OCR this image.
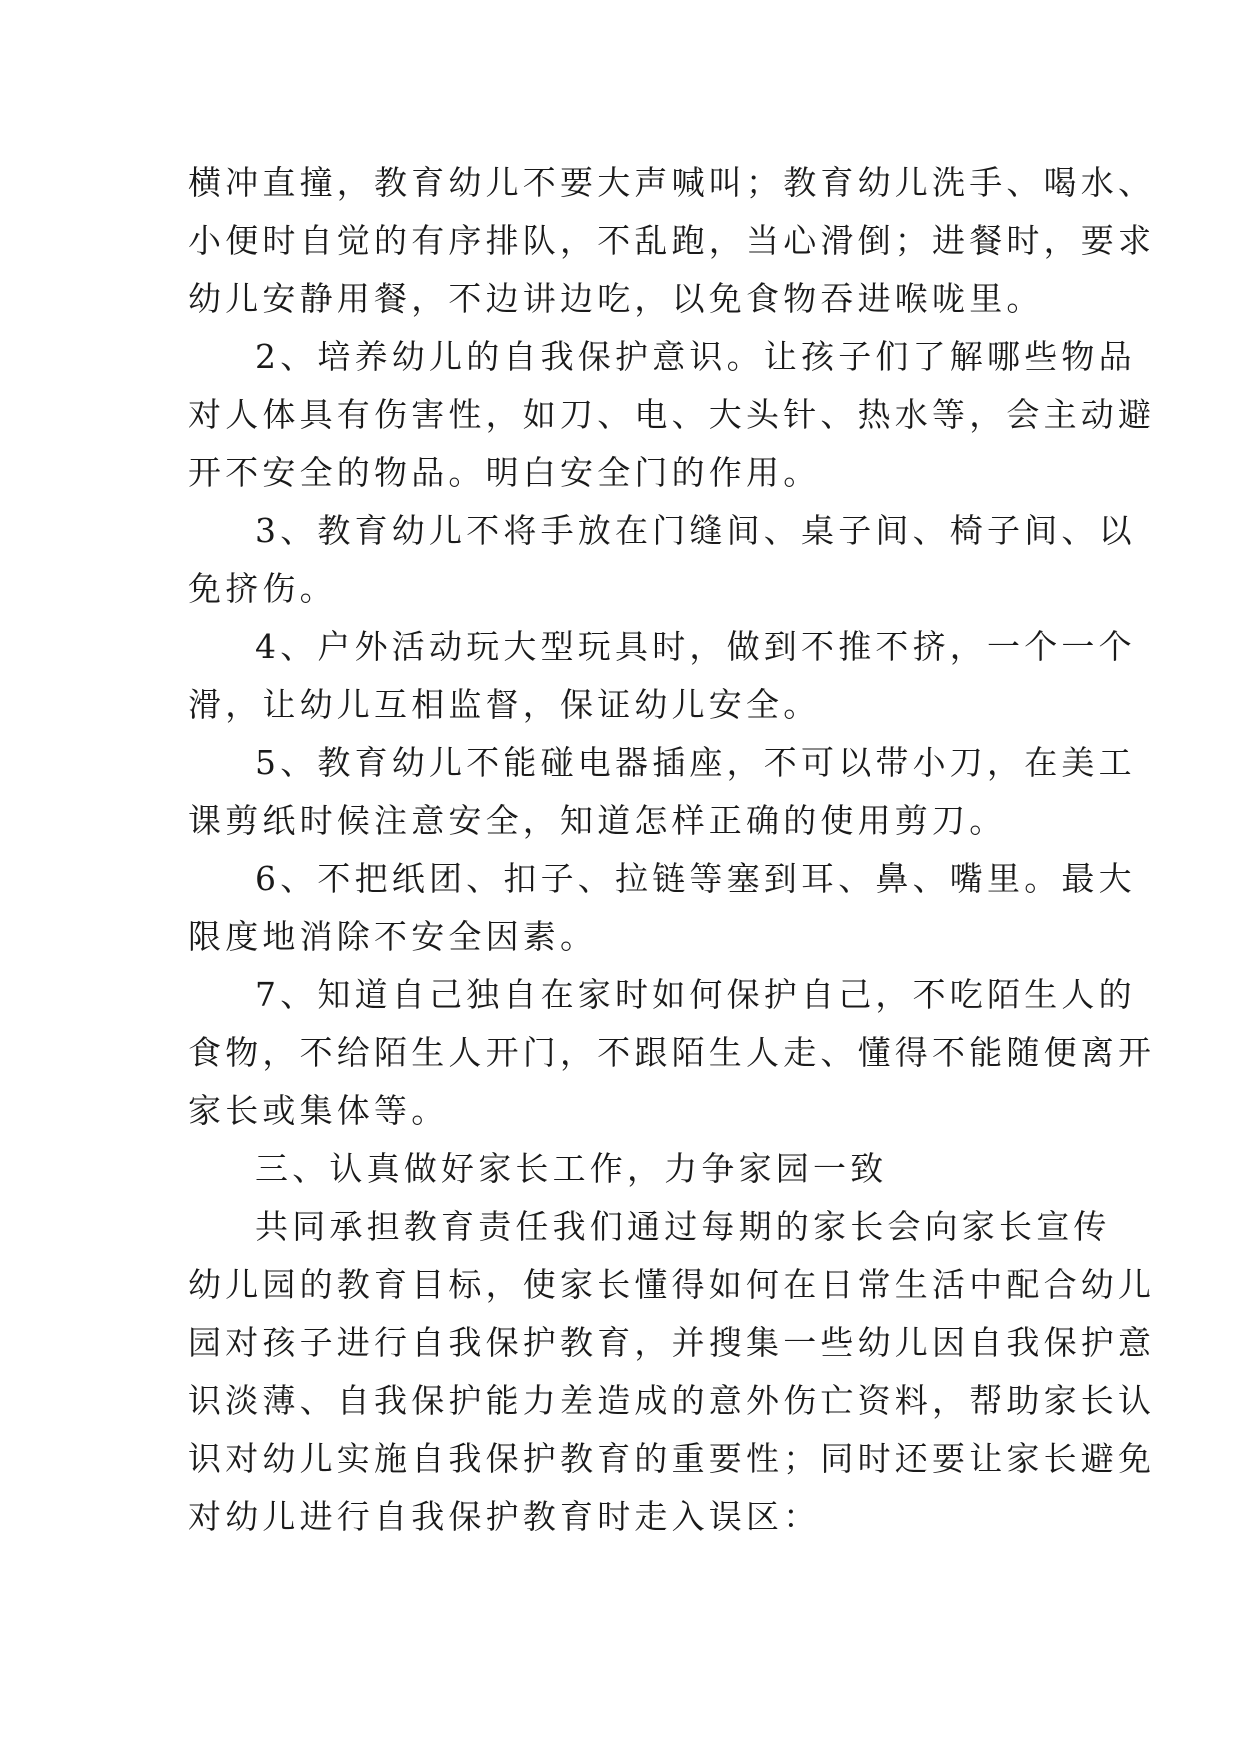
横冲直撞，教育幼儿不要大声喊叫；教育幼儿洗手、喝水、
小便时自觉的有序排队，不乱跑，当心滑倒；进餐时，要求
幼儿安静用餐，不边讲边吃，以免食物吞进喉咙里。
2、培养幼儿的自我保护意识。让孩子们了解哪些物品
对人体具有伤害性，如刀、电、大头针、热水等，会主动避
开不安全的物品。明白安全门的作用。
3、教育幼儿不将手放在门缝间、桌子间、椅子间、以
免挤伤。
4、户外活动玩大型玩具时，做到不推不挤，一个一个
滑，让幼儿互相监督，保证幼儿安全。
5、教育幼儿不能碰电器插座，不可以带小刀，在美工
课剪纸时候注意安全，知道怎样正确的使用剪刀。
6、不把纸团、扣子、拉链等塞到耳、鼻、嘴里。最大
限度地消除不安全因素。
7、知道自己独自在家时如何保护自己，不吃陌生人的
食物，不给陌生人开门，不跟陌生人走、懂得不能随便离开
家长或集体等。
三、认真做好家长工作，力争家园一致
共同承担教育责任我们通过每期的家长会向家长宣传
幼儿园的教育目标，使家长懂得如何在日常生活中配合幼儿
园对孩子进行自我保护教育，并搜集一些幼儿因自我保护意
识淡薄、自我保护能力差造成的意外伤亡资料，帮助家长认
识对幼儿实施自我保护教育的重要性；同时还要让家长避免
对幼儿进行自我保护教育时走入误区：
